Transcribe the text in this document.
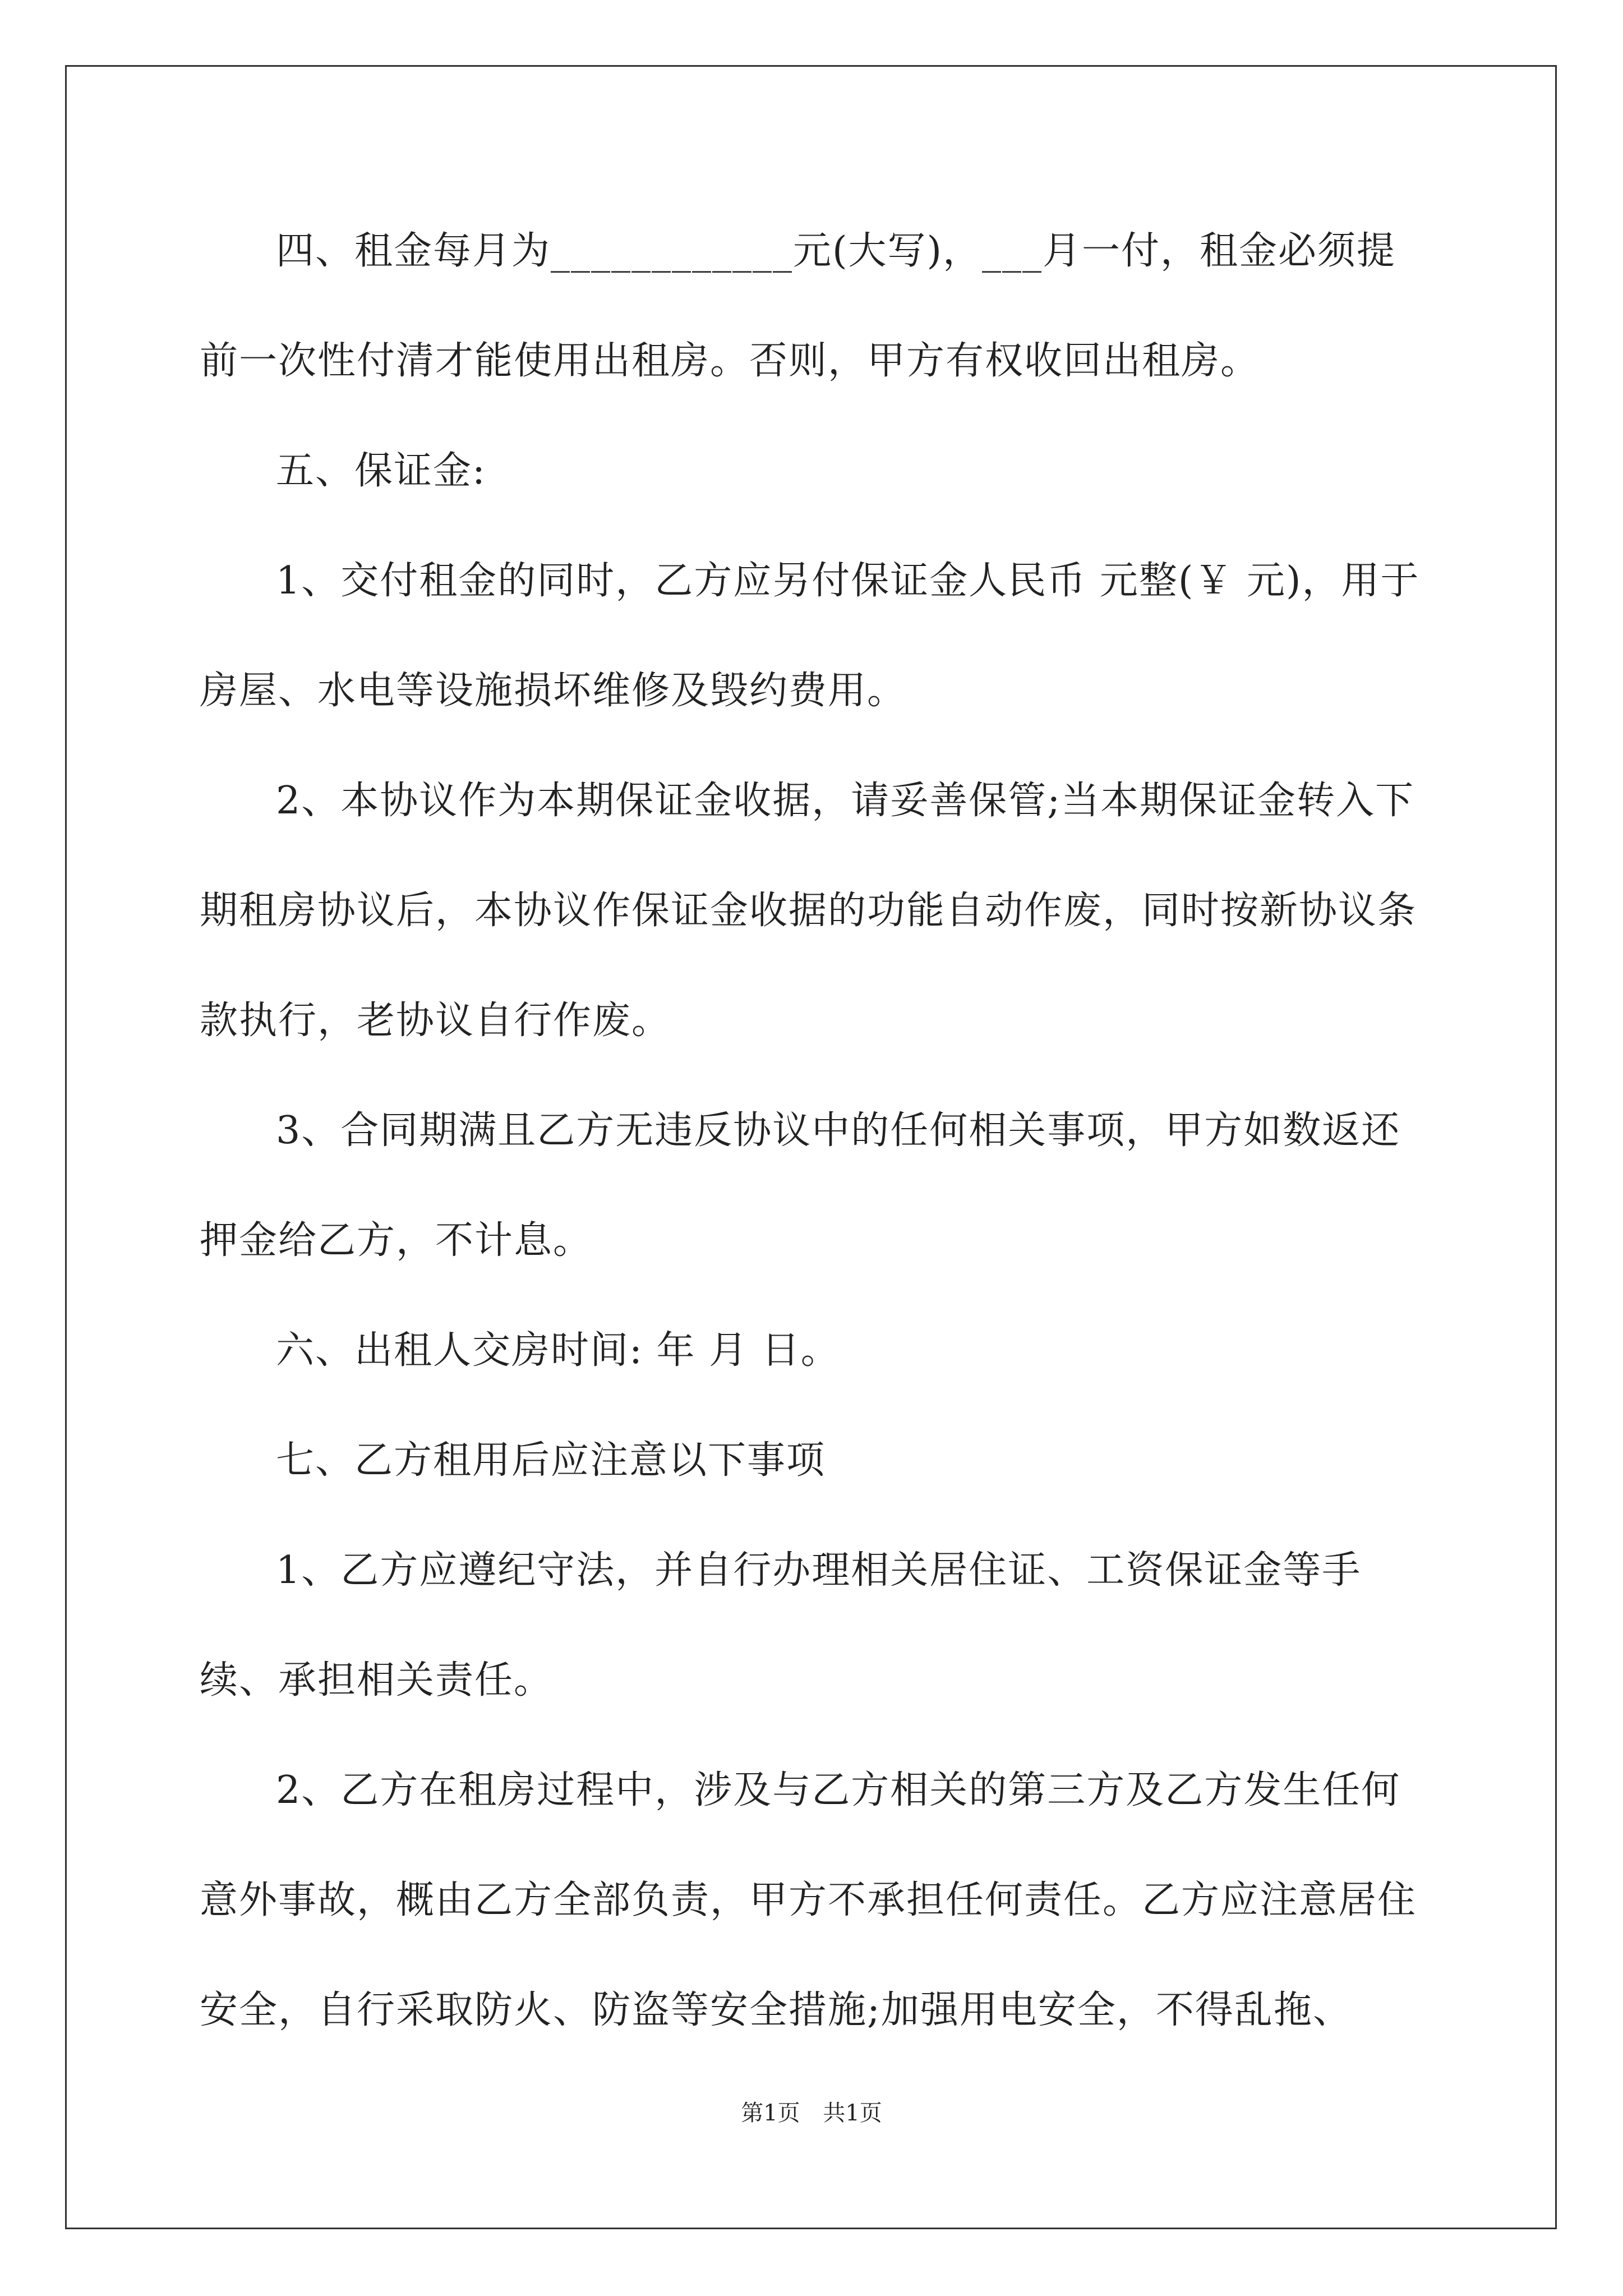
四、租金每月为____________元(大写)，___月一付，租金必须提前一次性付清才能使用出租房。否则，甲方有权收回出租房。

五、保证金:

1、交付租金的同时，乙方应另付保证金人民币 元整(￥ 元)，用于房屋、水电等设施损坏维修及毁约费用。

2、本协议作为本期保证金收据，请妥善保管;当本期保证金转入下期租房协议后，本协议作保证金收据的功能自动作废，同时按新协议条款执行，老协议自行作废。

3、合同期满且乙方无违反协议中的任何相关事项，甲方如数返还押金给乙方，不计息。

六、出租人交房时间: 年 月 日。

七、乙方租用后应注意以下事项

1、乙方应遵纪守法，并自行办理相关居住证、工资保证金等手续、承担相关责任。

2、乙方在租房过程中，涉及与乙方相关的第三方及乙方发生任何意外事故，概由乙方全部负责，甲方不承担任何责任。乙方应注意居住安全，自行采取防火、防盗等安全措施;加强用电安全，不得乱拖、

第1页 共1页
